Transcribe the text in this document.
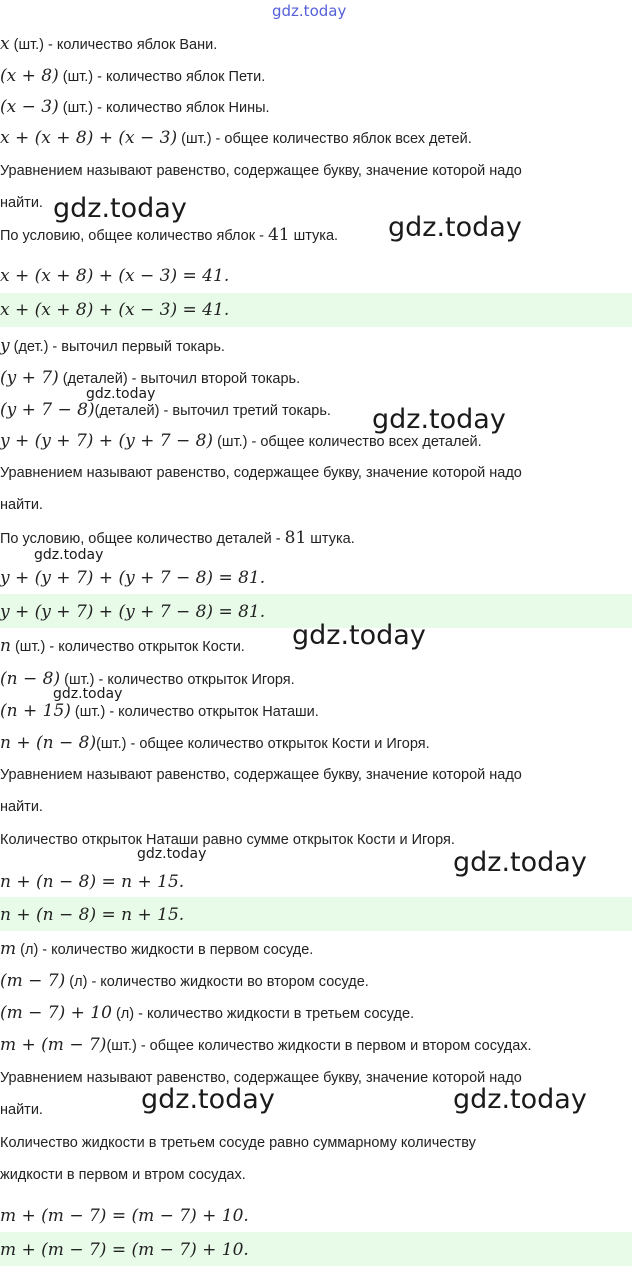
gdz.today
x (шт.) - количество яблок Вани.
(x + 8) (шт.) - количество яблок Пети.
(x − 3) (шт.) - количество яблок Нины.
x + (x + 8) + (x − 3) (шт.) - общее количество яблок всех детей.
Уравнением называют равенство, содержащее букву, значение которой надо
найти.
По условию, общее количество яблок - 41 штука.
x + (x + 8) + (x − 3) = 41.
x + (x + 8) + (x − 3) = 41.
y (дет.) - выточил первый токарь.
(y + 7) (деталей) - выточил второй токарь.
(y + 7 − 8)(деталей) - выточил третий токарь.
y + (y + 7) + (y + 7 − 8) (шт.) - общее количество всех деталей.
Уравнением называют равенство, содержащее букву, значение которой надо
найти.
По условию, общее количество деталей - 81 штука.
y + (y + 7) + (y + 7 − 8) = 81.
y + (y + 7) + (y + 7 − 8) = 81.
n (шт.) - количество открыток Кости.
(n − 8) (шт.) - количество открыток Игоря.
(n + 15) (шт.) - количество открыток Наташи.
n + (n − 8)(шт.) - общее количество открыток Кости и Игоря.
Уравнением называют равенство, содержащее букву, значение которой надо
найти.
Количество открыток Наташи равно сумме открыток Кости и Игоря.
n + (n − 8) = n + 15.
n + (n − 8) = n + 15.
m (л) - количество жидкости в первом сосуде.
(m − 7) (л) - количество жидкости во втором сосуде.
(m − 7) + 10 (л) - количество жидкости в третьем сосуде.
m + (m − 7)(шт.) - общее количество жидкости в первом и втором сосудах.
Уравнением называют равенство, содержащее букву, значение которой надо
найти.
Количество жидкости в третьем сосуде равно суммарному количеству
жидкости в первом и втром сосудах.
m + (m − 7) = (m − 7) + 10.
m + (m − 7) = (m − 7) + 10.
gdz.today
gdz.today
gdz.today
gdz.today
gdz.today
gdz.today
gdz.today
gdz.today	gdz.today
gdz.today	gdz.today
